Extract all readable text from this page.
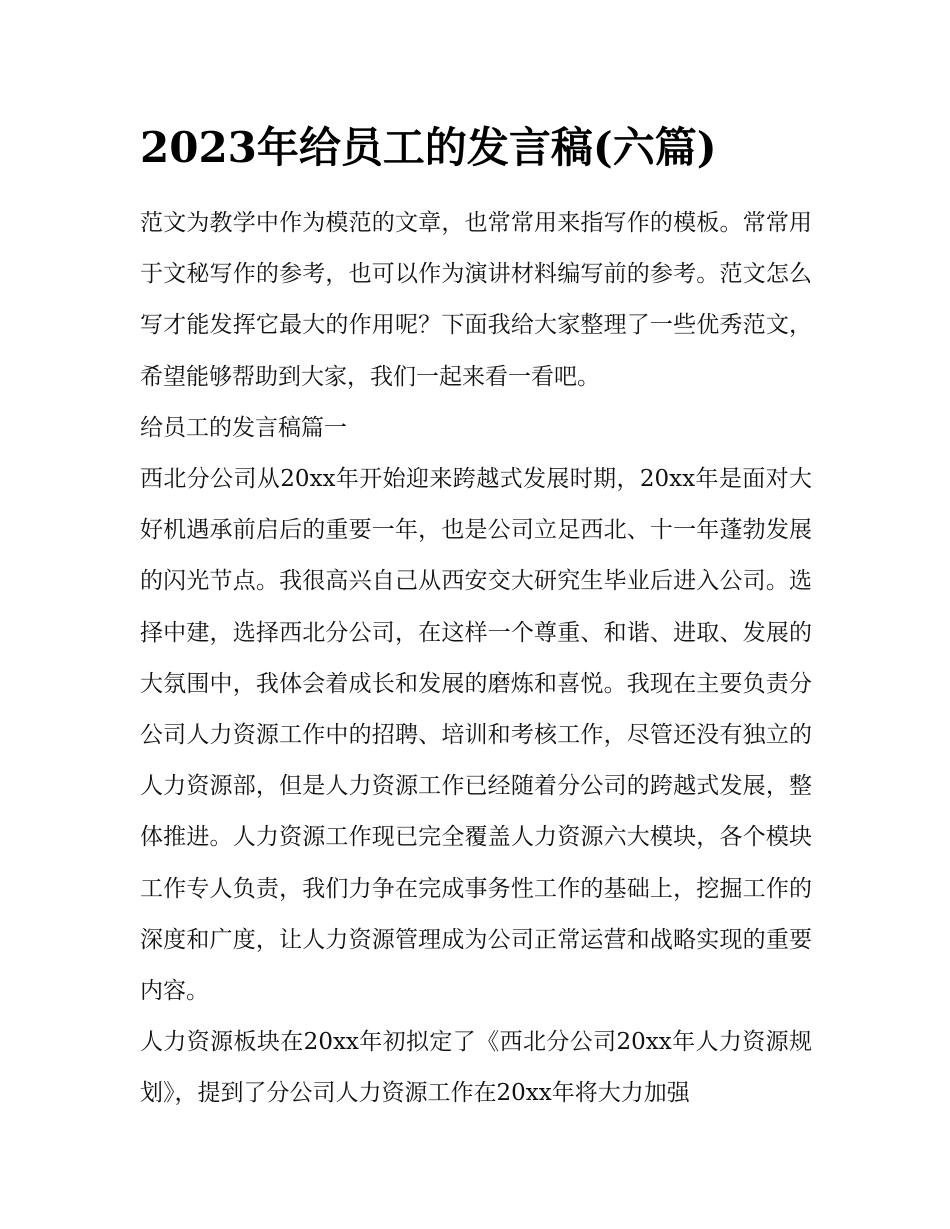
2023年给员工的发言稿(六篇)

范文为教学中作为模范的文章，也常常用来指写作的模板。常常用于文秘写作的参考，也可以作为演讲材料编写前的参考。范文怎么写才能发挥它最大的作用呢？下面我给大家整理了一些优秀范文，希望能够帮助到大家，我们一起来看一看吧。

给员工的发言稿篇一

西北分公司从20xx年开始迎来跨越式发展时期，20xx年是面对大好机遇承前启后的重要一年，也是公司立足西北、十一年蓬勃发展的闪光节点。我很高兴自己从西安交大研究生毕业后进入公司。选择中建，选择西北分公司，在这样一个尊重、和谐、进取、发展的大氛围中，我体会着成长和发展的磨炼和喜悦。我现在主要负责分公司人力资源工作中的招聘、培训和考核工作，尽管还没有独立的人力资源部，但是人力资源工作已经随着分公司的跨越式发展，整体推进。人力资源工作现已完全覆盖人力资源六大模块，各个模块工作专人负责，我们力争在完成事务性工作的基础上，挖掘工作的深度和广度，让人力资源管理成为公司正常运营和战略实现的重要内容。

人力资源板块在20xx年初拟定了《西北分公司20xx年人力资源规划》，提到了分公司人力资源工作在20xx年将大力加强
